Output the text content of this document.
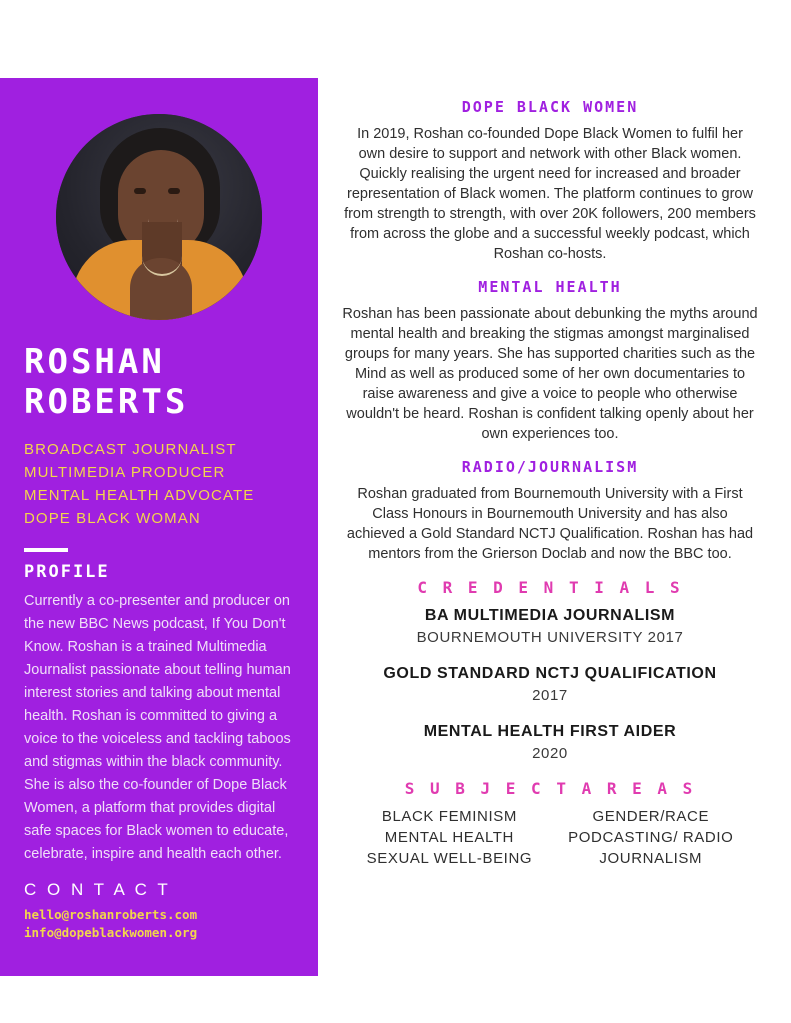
ROSHAN
ROBERTS
BROADCAST JOURNALIST
MULTIMEDIA PRODUCER
MENTAL HEALTH ADVOCATE
DOPE BLACK WOMAN
PROFILE
Currently a co-presenter and producer on the new BBC News podcast, If You Don't Know. Roshan is a trained Multimedia Journalist passionate about telling human interest stories and talking about mental health. Roshan is committed to giving a voice to the voiceless and tackling taboos and stigmas within the black community. She is also the co-founder of Dope Black Women, a platform that provides digital safe spaces for Black women to educate, celebrate, inspire and health each other.
C O N T A C T
hello@roshanroberts.com
info@dopeblackwomen.org
DOPE BLACK WOMEN
In 2019, Roshan co-founded Dope Black Women to fulfil her own desire to support and network with other Black women. Quickly realising the urgent need for increased and broader representation of Black women. The platform continues to grow from strength to strength, with over 20K followers, 200 members from across the globe and a successful weekly podcast, which Roshan co-hosts.
MENTAL HEALTH
Roshan has been passionate about debunking the myths around mental health and breaking the stigmas amongst marginalised groups for many years. She has supported charities such as the Mind as well as produced some of her own documentaries to raise awareness and give a voice to people who otherwise wouldn't be heard. Roshan is confident talking openly about her own experiences too.
RADIO/JOURNALISM
Roshan graduated from Bournemouth University with a First Class Honours in Bournemouth University and has also achieved a Gold Standard NCTJ Qualification. Roshan has had mentors from the Grierson Doclab and now the BBC too.
C R E D E N T I A L S
BA MULTIMEDIA JOURNALISM
BOURNEMOUTH UNIVERSITY 2017
GOLD STANDARD NCTJ QUALIFICATION
2017
MENTAL HEALTH FIRST AIDER
2020
S U B J E C T A R E A S
BLACK FEMINISM
MENTAL HEALTH
SEXUAL WELL-BEING
GENDER/RACE
PODCASTING/ RADIO
JOURNALISM
